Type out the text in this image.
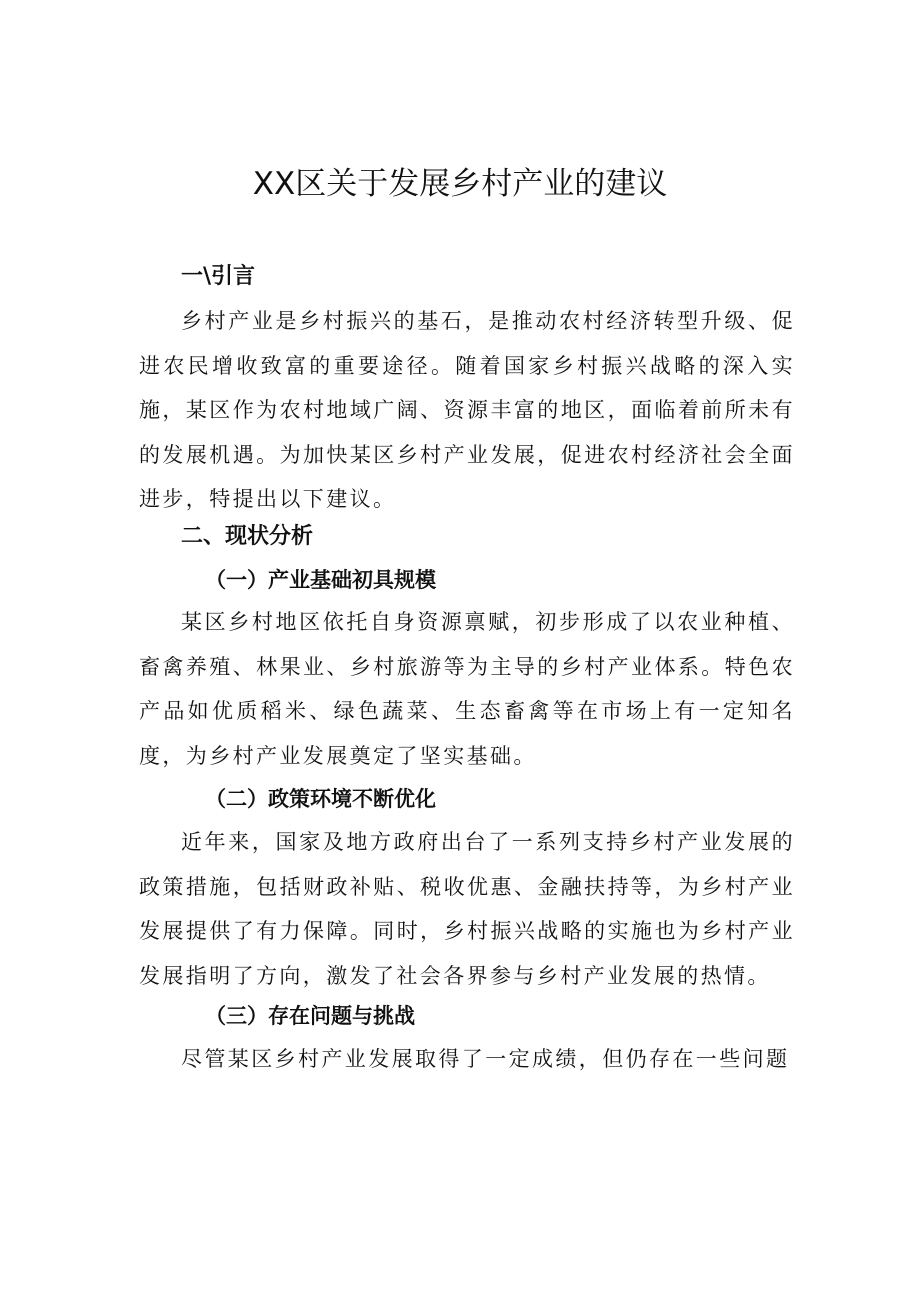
XX区关于发展乡村产业的建议
一\引言

乡村产业是乡村振兴的基石，是推动农村经济转型升级、促进农民增收致富的重要途径。随着国家乡村振兴战略的深入实施，某区作为农村地域广阔、资源丰富的地区，面临着前所未有的发展机遇。为加快某区乡村产业发展，促进农村经济社会全面进步，特提出以下建议。

二、现状分析
（一）产业基础初具规模

某区乡村地区依托自身资源禀赋，初步形成了以农业种植、畜禽养殖、林果业、乡村旅游等为主导的乡村产业体系。特色农产品如优质稻米、绿色蔬菜、生态畜禽等在市场上有一定知名度，为乡村产业发展奠定了坚实基础。

（二）政策环境不断优化

近年来，国家及地方政府出台了一系列支持乡村产业发展的政策措施，包括财政补贴、税收优惠、金融扶持等，为乡村产业发展提供了有力保障。同时，乡村振兴战略的实施也为乡村产业发展指明了方向，激发了社会各界参与乡村产业发展的热情。

（三）存在问题与挑战

尽管某区乡村产业发展取得了一定成绩，但仍存在一些问题
